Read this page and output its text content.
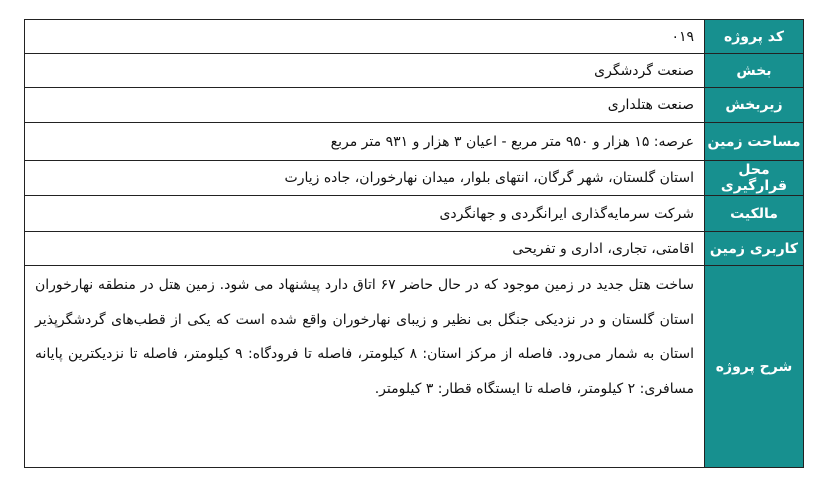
کد پروژه	۰۱۹
بخش	صنعت گردشگری
زیربخش	صنعت هتلداری
مساحت زمین	عرصه: ۱۵ هزار و ۹۵۰ متر مربع - اعیان ۳ هزار و ۹۳۱ متر مربع
محل قرارگیری	استان گلستان، شهر گرگان، انتهای بلوار، میدان نهارخوران، جاده زیارت
مالکیت	شرکت سرمایه‌گذاری ایرانگردی و جهانگردی
کاربری زمین	اقامتی، تجاری، اداری و تفریحی
شرح پروژه	ساخت هتل جدید در زمین موجود که در حال حاضر ۶۷ اتاق دارد پیشنهاد می شود. زمین هتل در منطقه نهارخوران استان گلستان و در نزدیکی جنگل بی نظیر و زیبای نهارخوران واقع شده است که یکی از قطب‌های گردشگرپذیر استان به شمار می‌رود. فاصله از مرکز استان: ۸ کیلومتر، فاصله تا فرودگاه: ۹ کیلومتر، فاصله تا نزدیکترین پایانه مسافری: ۲ کیلومتر، فاصله تا ایستگاه قطار: ۳ کیلومتر.
